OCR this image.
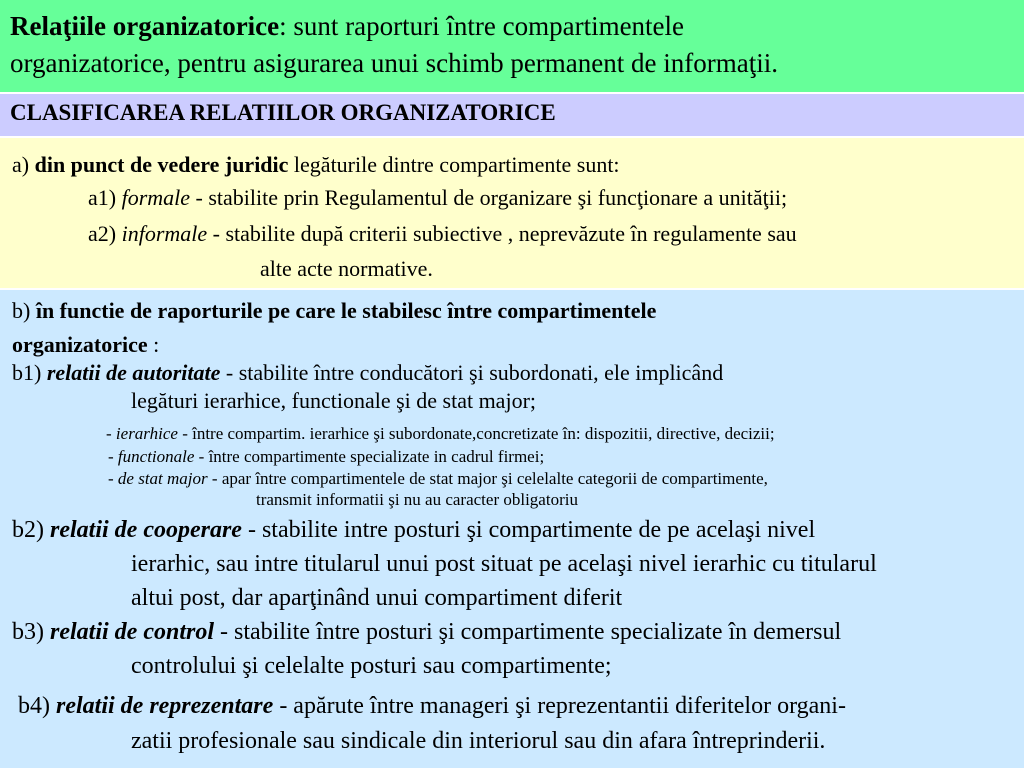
Relaţiile organizatorice: sunt raporturi între compartimentele
organizatorice, pentru asigurarea unui schimb permanent de informaţii.
CLASIFICAREA RELATIILOR ORGANIZATORICE
a) din punct de vedere juridic legăturile dintre compartimente sunt:
a1) formale - stabilite prin Regulamentul de organizare şi funcţionare a unităţii;
a2) informale - stabilite după criterii subiective , neprevăzute în regulamente sau
alte acte normative.
b) în functie de raporturile pe care le stabilesc între compartimentele
organizatorice :
b1) relatii de autoritate - stabilite între conducători şi subordonati, ele implicând
legături ierarhice, functionale şi de stat major;
- ierarhice - între compartim. ierarhice şi subordonate,concretizate în: dispozitii, directive, decizii;
- functionale - între compartimente specializate in cadrul firmei;
- de stat major - apar între compartimentele de stat major şi celelalte categorii de compartimente,
transmit informatii şi nu au caracter obligatoriu
b2) relatii de cooperare - stabilite intre posturi şi compartimente de pe acelaşi nivel
ierarhic, sau intre titularul unui post situat pe acelaşi nivel ierarhic cu titularul
altui post, dar aparţinând unui compartiment diferit
b3) relatii de control - stabilite între posturi şi compartimente specializate în demersul
controlului şi celelalte posturi sau compartimente;
b4) relatii de reprezentare - apărute între manageri şi reprezentantii diferitelor organi-
zatii profesionale sau sindicale din interiorul sau din afara întreprinderii.
